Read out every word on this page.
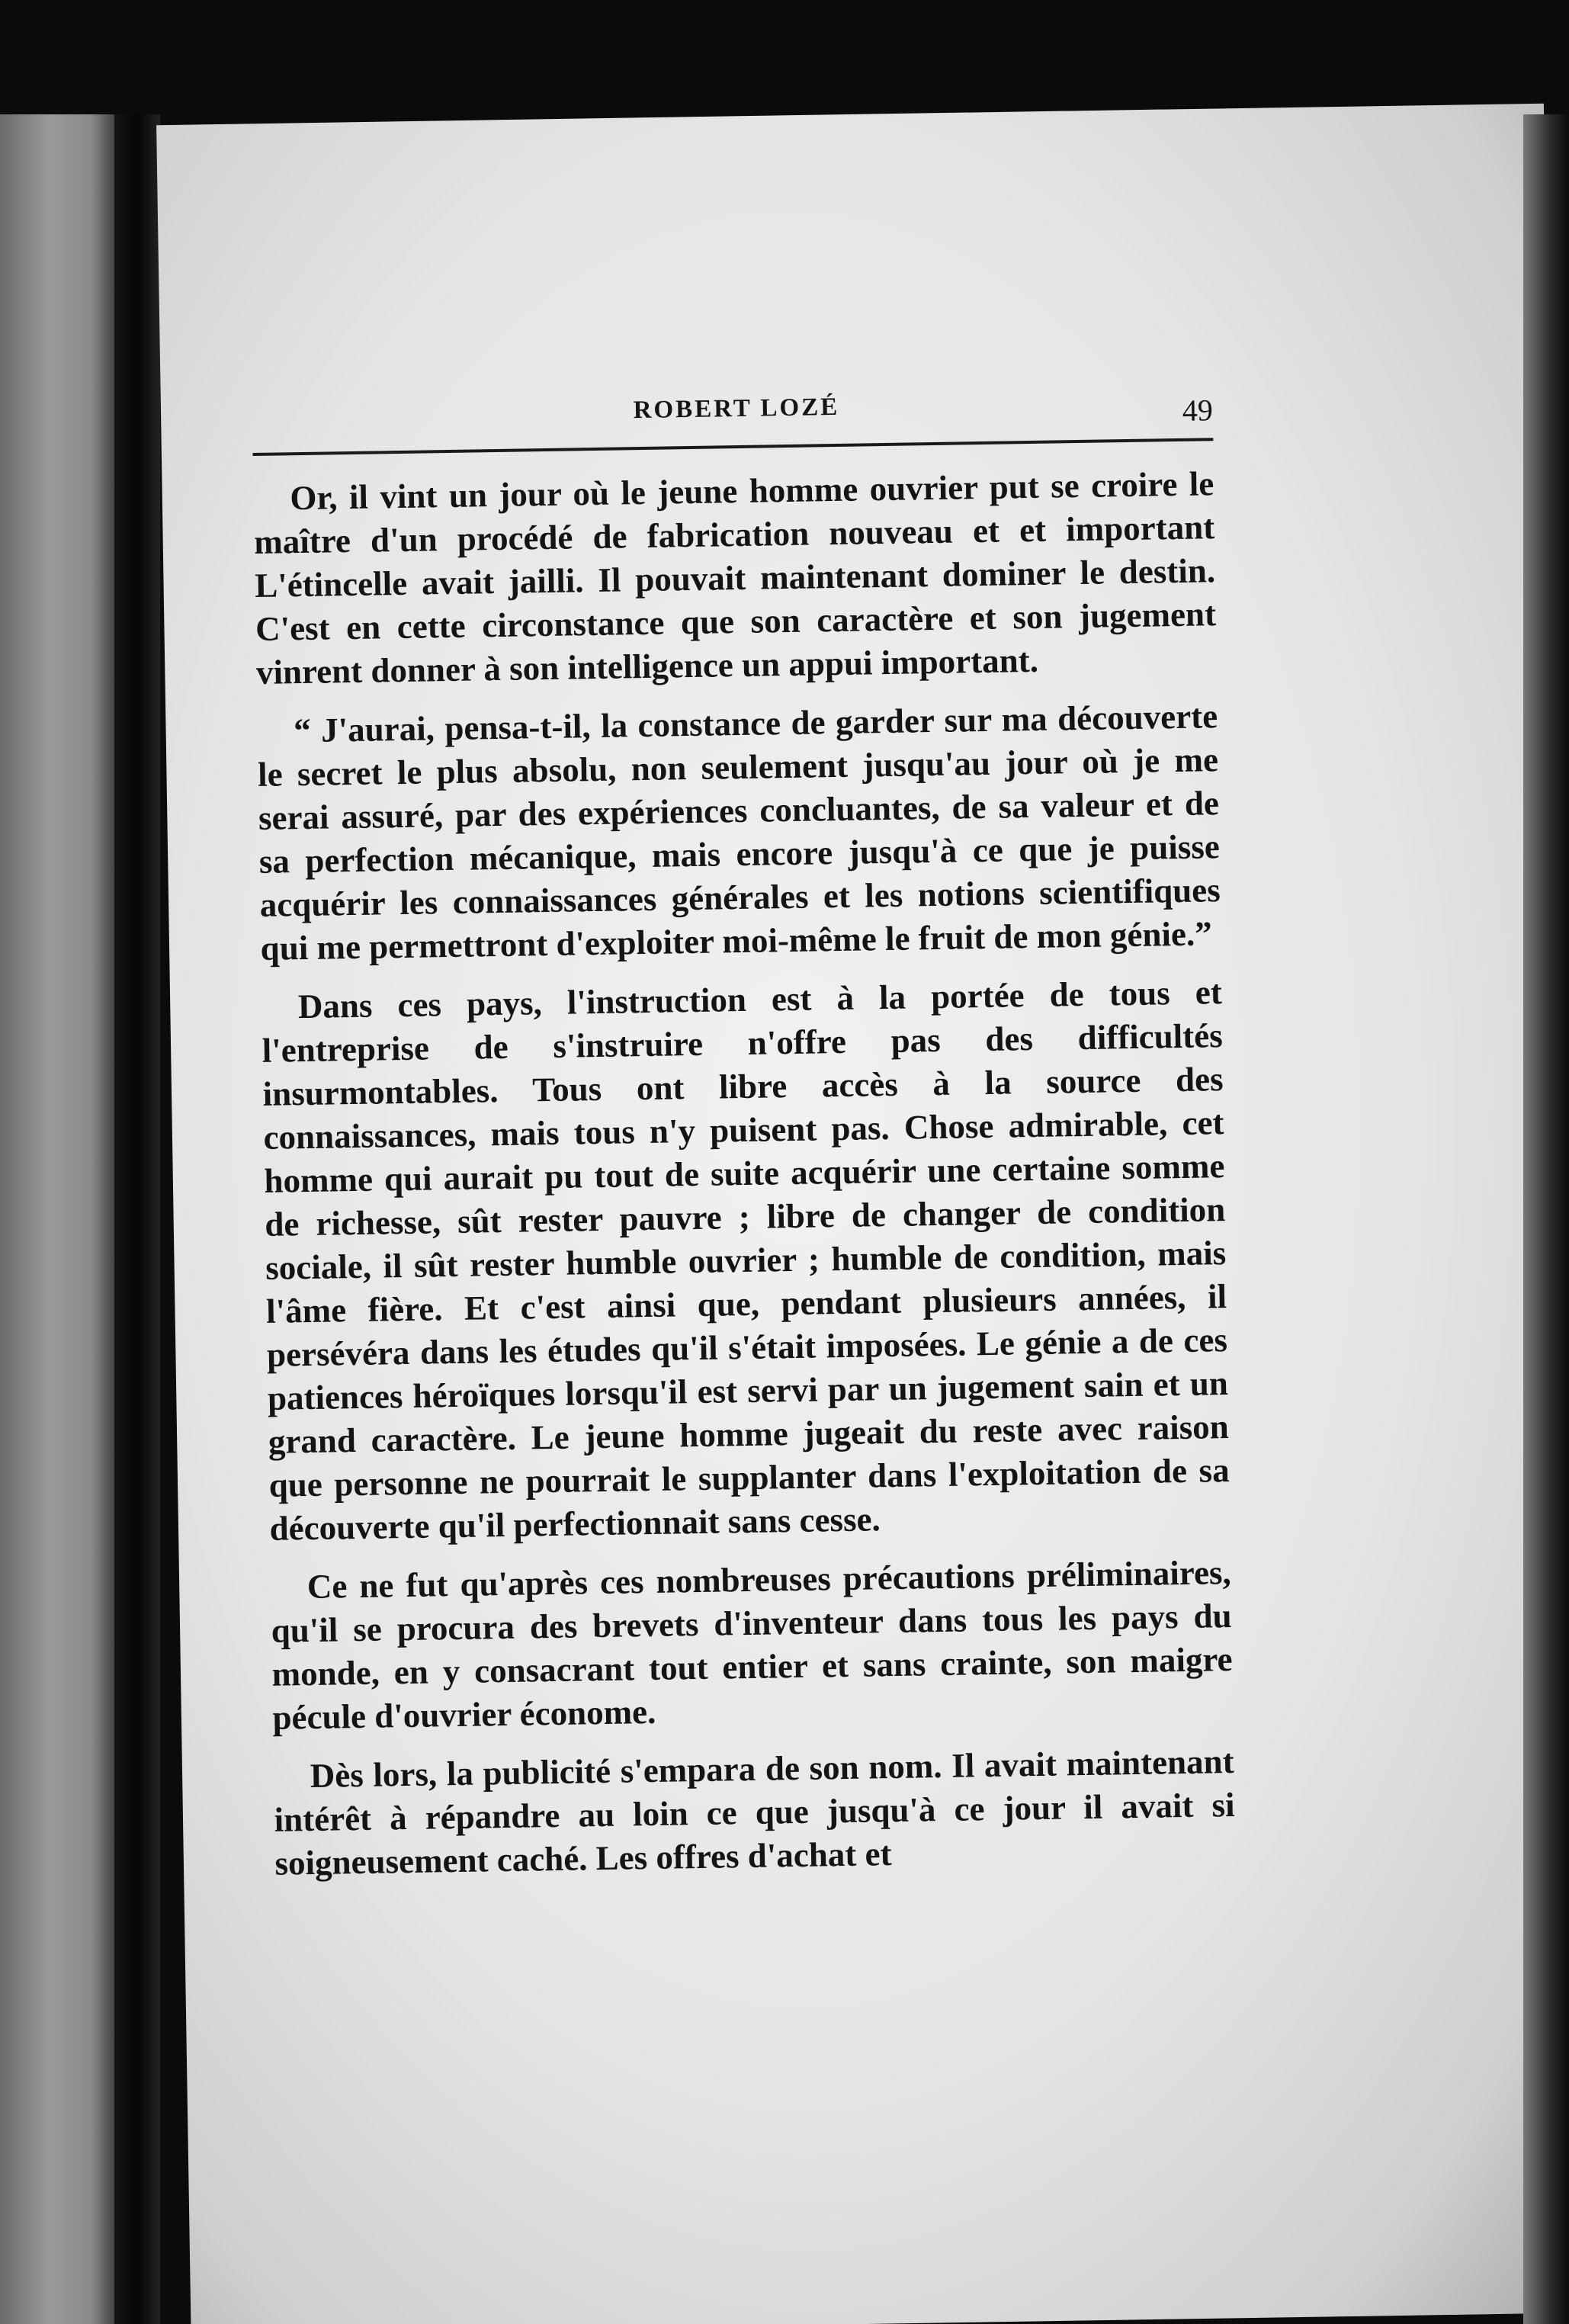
ROBERT LOZÉ	49

Or, il vint un jour où le jeune homme ouvrier put se croire le maître d'un procédé de fabrication nouveau et et important L'étincelle avait jailli. Il pouvait maintenant dominer le destin. C'est en cette circonstance que son caractère et son jugement vinrent donner à son intelligence un appui important.

“ J'aurai, pensa-t-il, la constance de garder sur ma découverte le secret le plus absolu, non seulement jusqu'au jour où je me serai assuré, par des expériences concluantes, de sa valeur et de sa perfection mécanique, mais encore jusqu'à ce que je puisse acquérir les connaissances générales et les notions scientifiques qui me permettront d'exploiter moi-même le fruit de mon génie.”

Dans ces pays, l'instruction est à la portée de tous et l'entreprise de s'instruire n'offre pas des difficultés insurmontables. Tous ont libre accès à la source des connaissances, mais tous n'y puisent pas. Chose admirable, cet homme qui aurait pu tout de suite acquérir une certaine somme de richesse, sût rester pauvre ; libre de changer de condition sociale, il sût rester humble ouvrier ; humble de condition, mais l'âme fière. Et c'est ainsi que, pendant plusieurs années, il persévéra dans les études qu'il s'était imposées. Le génie a de ces patiences héroïques lorsqu'il est servi par un jugement sain et un grand caractère. Le jeune homme jugeait du reste avec raison que personne ne pourrait le supplanter dans l'exploitation de sa découverte qu'il perfectionnait sans cesse.

Ce ne fut qu'après ces nombreuses précautions préliminaires, qu'il se procura des brevets d'inventeur dans tous les pays du monde, en y consacrant tout entier et sans crainte, son maigre pécule d'ouvrier économe.

Dès lors, la publicité s'empara de son nom. Il avait maintenant intérêt à répandre au loin ce que jusqu'à ce jour il avait si soigneusement caché. Les offres d'achat et
